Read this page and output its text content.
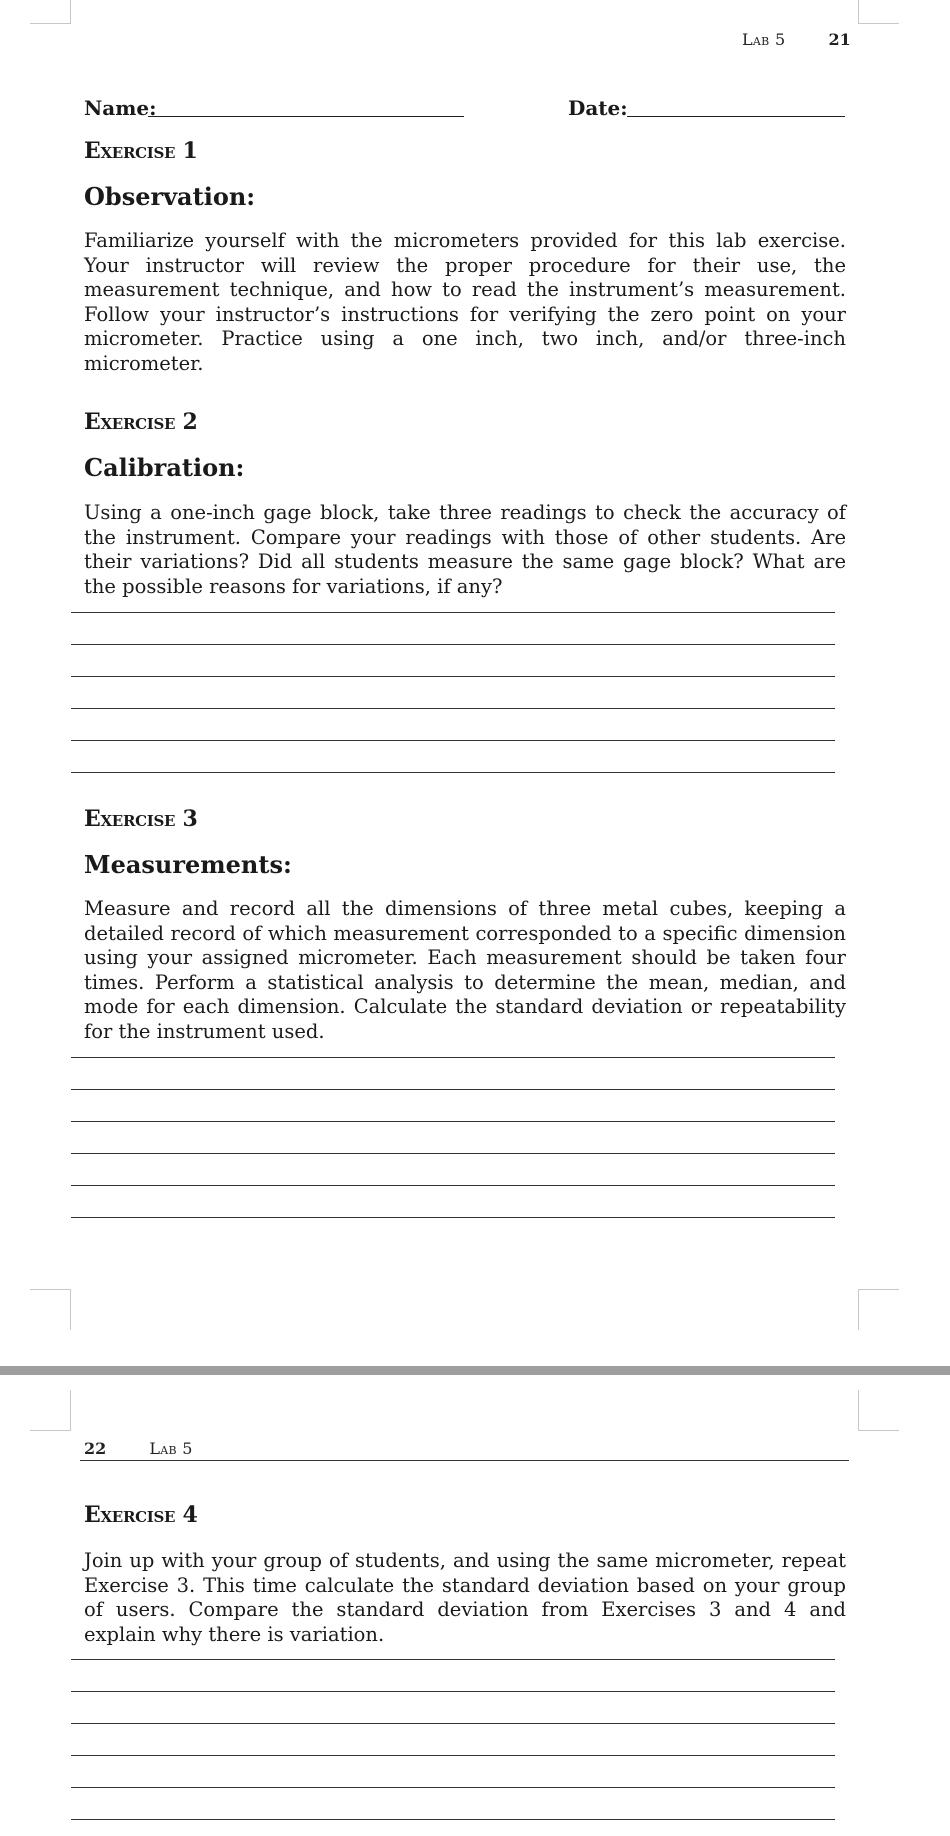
Lab 5	21
Name:	Date:
Exercise 1
Observation:

Familiarize yourself with the micrometers provided for this lab exercise. Your instructor will review the proper procedure for their use, the measurement technique, and how to read the instrument’s measurement. Follow your instructor’s instructions for verifying the zero point on your micrometer. Practice using a one inch, two inch, and/or three-inch micrometer.

Exercise 2
Calibration:

Using a one-inch gage block, take three readings to check the accuracy of the instrument. Compare your readings with those of other students. Are their variations? Did all students measure the same gage block? What are the possible reasons for variations, if any?

Exercise 3
Measurements:

Measure and record all the dimensions of three metal cubes, keeping a detailed record of which measurement corresponded to a specific dimension using your assigned micrometer. Each measurement should be taken four times. Perform a statistical analysis to determine the mean, median, and mode for each dimension. Calculate the standard deviation or repeatability for the instrument used.

22	Lab 5
Exercise 4

Join up with your group of students, and using the same micrometer, repeat Exercise 3. This time calculate the standard deviation based on your group of users. Compare the standard deviation from Exercises 3 and 4 and explain why there is variation.
